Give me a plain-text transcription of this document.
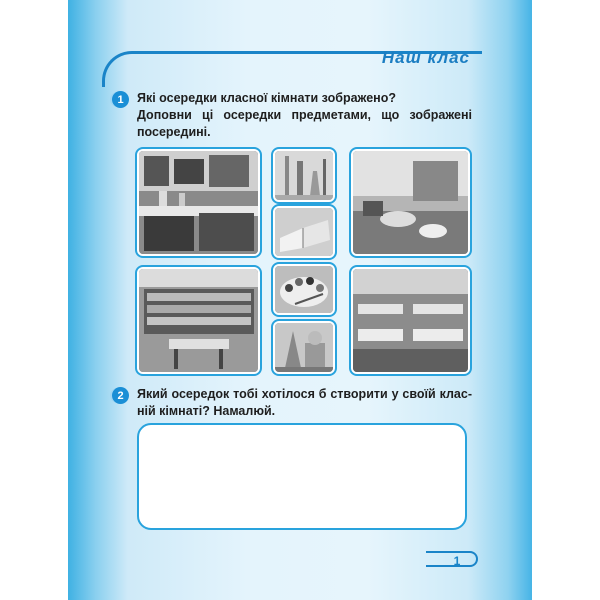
Наш клас
1	Які осередки класної кімнати зображено?
Доповни ці осередки предметами, що зображені
посередині.
2	Який осередок тобі хотілося б створити у своїй клас-
ній кімнаті? Намалюй.
1
